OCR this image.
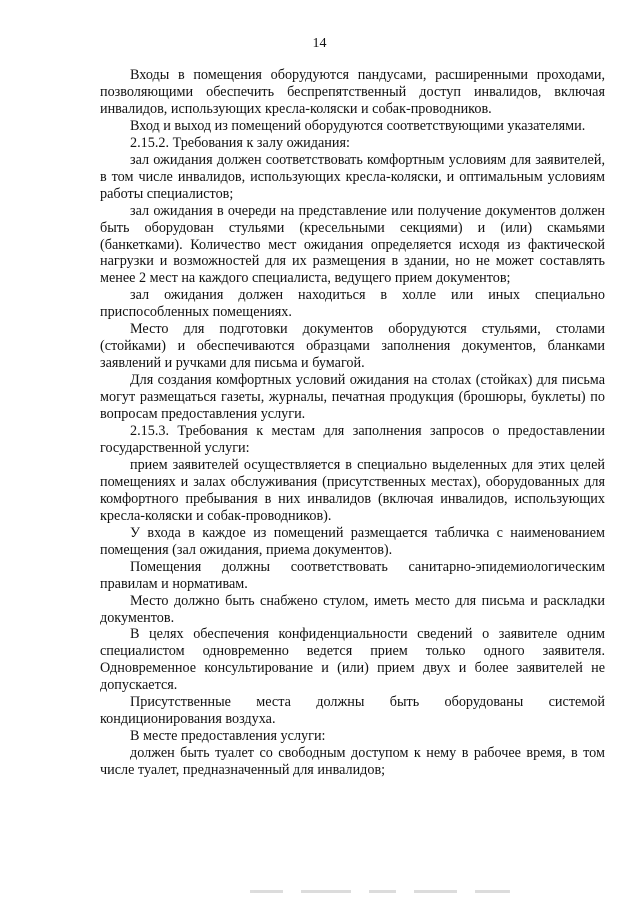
14

Входы в помещения оборудуются пандусами, расширенными проходами, позволяющими обеспечить беспрепятственный доступ инвалидов, включая инвалидов, использующих кресла-коляски и собак-проводников.

Вход и выход из помещений оборудуются соответствующими указателями.

2.15.2. Требования к залу ожидания:

зал ожидания должен соответствовать комфортным условиям для заявителей, в том числе инвалидов, использующих кресла-коляски, и оптимальным условиям работы специалистов;

зал ожидания в очереди на представление или получение документов должен быть оборудован стульями (кресельными секциями) и (или) скамьями (банкетками). Количество мест ожидания определяется исходя из фактической нагрузки и возможностей для их размещения в здании, но не может составлять менее 2 мест на каждого специалиста, ведущего прием документов;

зал ожидания должен находиться в холле или иных специально приспособленных помещениях.

Место для подготовки документов оборудуются стульями, столами (стойками) и обеспечиваются образцами заполнения документов, бланками заявлений и ручками для письма и бумагой.

Для создания комфортных условий ожидания на столах (стойках) для письма могут размещаться газеты, журналы, печатная продукция (брошюры, буклеты) по вопросам предоставления услуги.

2.15.3. Требования к местам для заполнения запросов о предоставлении государственной услуги:

прием заявителей осуществляется в специально выделенных для этих целей помещениях и залах обслуживания (присутственных местах), оборудованных для комфортного пребывания в них инвалидов (включая инвалидов, использующих кресла-коляски и собак-проводников).

У входа в каждое из помещений размещается табличка с наименованием помещения (зал ожидания, приема документов).

Помещения должны соответствовать санитарно-эпидемиологическим правилам и нормативам.

Место должно быть снабжено стулом, иметь место для письма и раскладки документов.

В целях обеспечения конфиденциальности сведений о заявителе одним специалистом одновременно ведется прием только одного заявителя. Одновременное консультирование и (или) прием двух и более заявителей не допускается.

Присутственные места должны быть оборудованы системой кондиционирования воздуха.

В месте предоставления услуги:

должен быть туалет со свободным доступом к нему в рабочее время, в том числе туалет, предназначенный для инвалидов;
